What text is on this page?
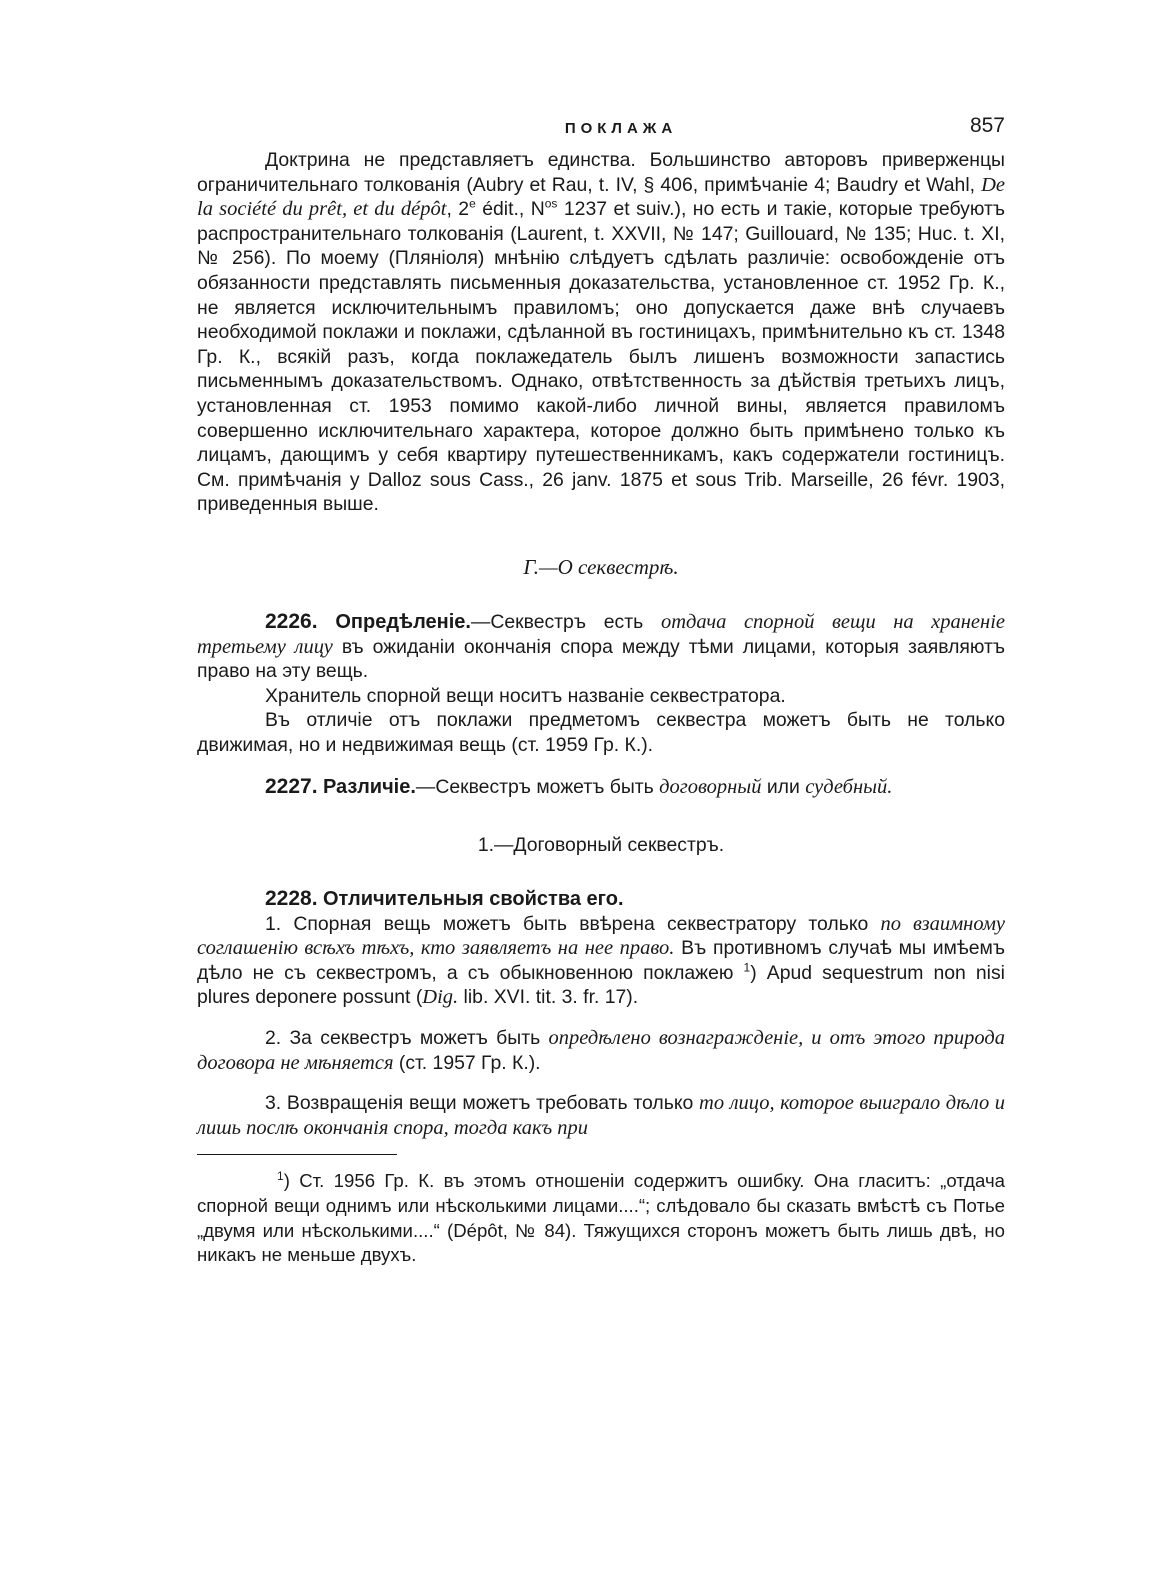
ПОКЛАЖА	857

Доктрина не представляетъ единства. Большинство авторовъ приверженцы ограничительнаго толкованія (Aubry et Rau, t. IV, § 406, примѣчаніе 4; Baudry et Wahl, De la société du prêt, et du dépôt, 2e édit., $N^{os}$ 1237 et suiv.), но есть и такіе, которые требуютъ распространительнаго толкованія (Laurent, t. XXVII, № 147; Guillouard, № 135; Huc. t. XI, № 256). По моему (Пляніоля) мнѣнію слѣдуетъ сдѣлать различіе: освобожденіе отъ обязанности представлять письменныя доказательства, установленное ст. 1952 Гр. К., не является исключительнымъ правиломъ; оно допускается даже внѣ случаевъ необходимой поклажи и поклажи, сдѣланной въ гостиницахъ, примѣнительно къ ст. 1348 Гр. К., всякій разъ, когда поклажедатель былъ лишенъ возможности запастись письменнымъ доказательствомъ. Однако, отвѣтственность за дѣйствія третьихъ лицъ, установленная ст. 1953 помимо какой-либо личной вины, является правиломъ совершенно исключительнаго характера, которое должно быть примѣнено только къ лицамъ, дающимъ у себя квартиру путешественникамъ, какъ содержатели гостиницъ. См. примѣчанія у Dalloz sous Cass., 26 janv. 1875 et sous Trib. Marseille, 26 févr. 1903, приведенныя выше.

Г.—О секвестрѣ.

2226. Опредѣленіе.—Секвестръ есть отдача спорной вещи на храненіе третьему лицу въ ожиданіи окончанія спора между тѣми лицами, которыя заявляютъ право на эту вещь.

Хранитель спорной вещи носитъ названіе секвестратора.

Въ отличіе отъ поклажи предметомъ секвестра можетъ быть не только движимая, но и недвижимая вещь (ст. 1959 Гр. К.).

2227. Различіе.—Секвестръ можетъ быть договорный или судебный.

1.—Договорный секвестръ.

2228. Отличительныя свойства его.

1. Спорная вещь можетъ быть ввѣрена секвестратору только по взаимному соглашенію всѣхъ тѣхъ, кто заявляетъ на нее право. Въ противномъ случаѣ мы имѣемъ дѣло не съ секвестромъ, а съ обыкновенною поклажею $^1$) Apud sequestrum non nisi plures deponere possunt (Dig. lib. XVI. tit. 3. fr. 17).

2. За секвестръ можетъ быть опредѣлено вознагражденіе, и отъ этого природа договора не мѣняется (ст. 1957 Гр. К.).

3. Возвращенія вещи можетъ требовать только то лицо, которое выиграло дѣло и лишь послѣ окончанія спора, тогда какъ при

$^1$) Ст. 1956 Гр. К. въ этомъ отношеніи содержитъ ошибку. Она гласитъ: „отдача спорной вещи однимъ или нѣсколькими лицами....“; слѣдовало бы сказать вмѣстѣ съ Потье „двумя или нѣсколькими....“ (Dépôt, № 84). Тяжущихся сторонъ можетъ быть лишь двѣ, но никакъ не меньше двухъ.
